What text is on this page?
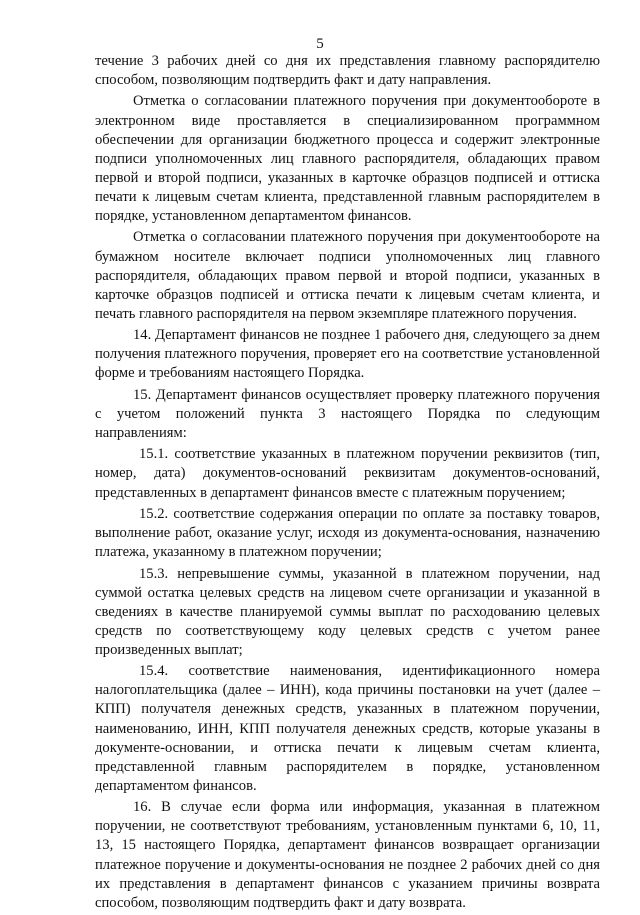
5

течение 3 рабочих дней со дня их представления главному распорядителю способом, позволяющим подтвердить факт и дату направления.

Отметка о согласовании платежного поручения при документообороте в электронном виде проставляется в специализированном программном обеспечении для организации бюджетного процесса и содержит электронные подписи уполномоченных лиц главного распорядителя, обладающих правом первой и второй подписи, указанных в карточке образцов подписей и оттиска печати к лицевым счетам клиента, представленной главным распорядителем в порядке, установленном департаментом финансов.

Отметка о согласовании платежного поручения при документообороте на бумажном носителе включает подписи уполномоченных лиц главного распорядителя, обладающих правом первой и второй подписи, указанных в карточке образцов подписей и оттиска печати к лицевым счетам клиента, и печать главного распорядителя на первом экземпляре платежного поручения.

14. Департамент финансов не позднее 1 рабочего дня, следующего за днем получения платежного поручения, проверяет его на соответствие установленной форме и требованиям настоящего Порядка.

15. Департамент финансов осуществляет проверку платежного поручения с учетом положений пункта 3 настоящего Порядка по следующим направлениям:

15.1. соответствие указанных в платежном поручении реквизитов (тип, номер, дата) документов-оснований реквизитам документов-оснований, представленных в департамент финансов вместе с платежным поручением;

15.2. соответствие содержания операции по оплате за поставку товаров, выполнение работ, оказание услуг, исходя из документа-основания, назначению платежа, указанному в платежном поручении;

15.3. непревышение суммы, указанной в платежном поручении, над суммой остатка целевых средств на лицевом счете организации и указанной в сведениях в качестве планируемой суммы выплат по расходованию целевых средств по соответствующему коду целевых средств с учетом ранее произведенных выплат;

15.4. соответствие наименования, идентификационного номера налогоплательщика (далее – ИНН), кода причины постановки на учет (далее – КПП) получателя денежных средств, указанных в платежном поручении, наименованию, ИНН, КПП получателя денежных средств, которые указаны в документе-основании, и оттиска печати к лицевым счетам клиента, представленной главным распорядителем в порядке, установленном департаментом финансов.

16. В случае если форма или информация, указанная в платежном поручении, не соответствуют требованиям, установленным пунктами 6, 10, 11, 13, 15 настоящего Порядка, департамент финансов возвращает организации платежное поручение и документы-основания не позднее 2 рабочих дней со дня их представления в департамент финансов с указанием причины возврата способом, позволяющим подтвердить факт и дату возврата.
